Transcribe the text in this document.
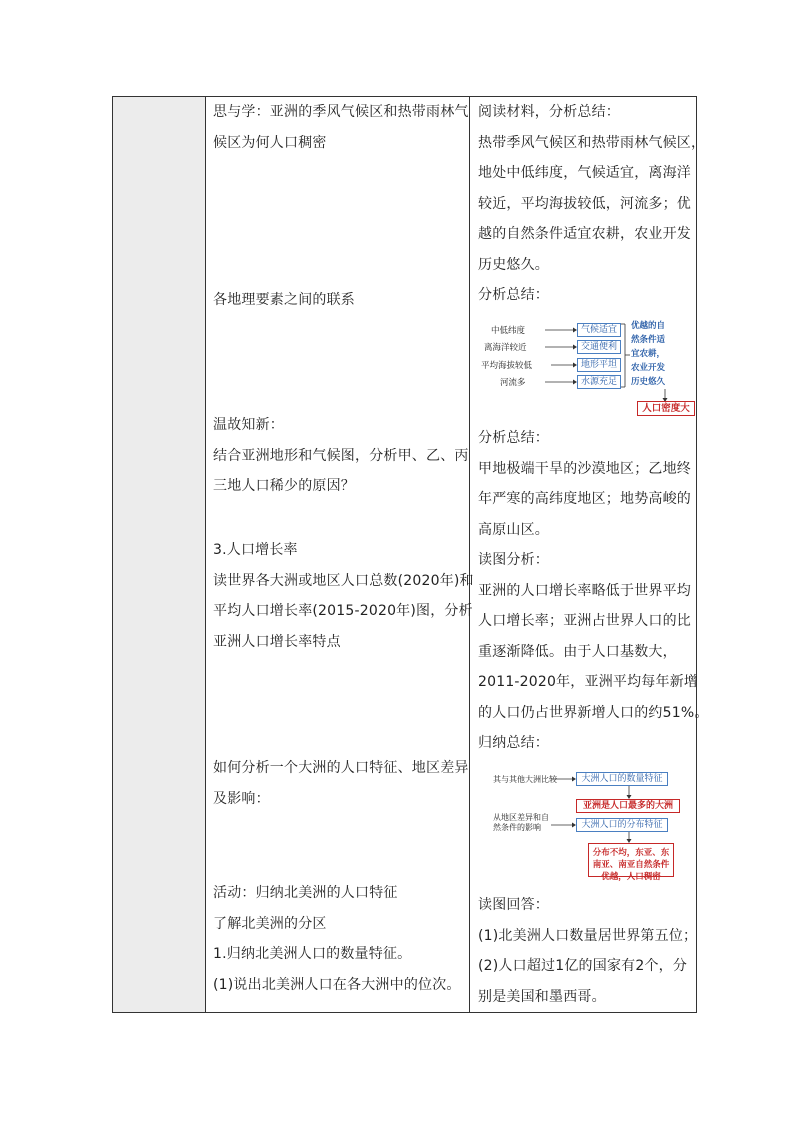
思与学：亚洲的季风气候区和热带雨林气
候区为何人口稠密
各地理要素之间的联系
温故知新：
结合亚洲地形和气候图，分析甲、乙、丙
三地人口稀少的原因？
3.人口增长率
读世界各大洲或地区人口总数(2020年)和
平均人口增长率(2015-2020年)图，分析
亚洲人口增长率特点
如何分析一个大洲的人口特征、地区差异
及影响：
活动：归纳北美洲的人口特征
了解北美洲的分区
1.归纳北美洲人口的数量特征。
(1)说出北美洲人口在各大洲中的位次。
阅读材料，分析总结：
热带季风气候区和热带雨林气候区，
地处中低纬度，气候适宜，离海洋
较近，平均海拔较低，河流多；优
越的自然条件适宜农耕，农业开发
历史悠久。
分析总结：
中低纬度
离海洋较近
平均海拔较低
河流多
气候适宜
交通便利
地形平坦
水源充足
优越的自
然条件适
宜农耕，
农业开发
历史悠久
人口密度大
分析总结：
甲地极端干旱的沙漠地区；乙地终
年严寒的高纬度地区；地势高峻的
高原山区。
读图分析：
亚洲的人口增长率略低于世界平均
人口增长率；亚洲占世界人口的比
重逐渐降低。由于人口基数大，
2011-2020年，亚洲平均每年新增
的人口仍占世界新增人口的约51%。
归纳总结：
其与其他大洲比较	大洲人口的数量特征
亚洲是人口最多的大洲
从地区差异和自
然条件的影响	大洲人口的分布特征
分布不均，东亚、东
南亚、南亚自然条件
优越，人口稠密
读图回答：
(1)北美洲人口数量居世界第五位；
(2)人口超过1亿的国家有2个，分
别是美国和墨西哥。
